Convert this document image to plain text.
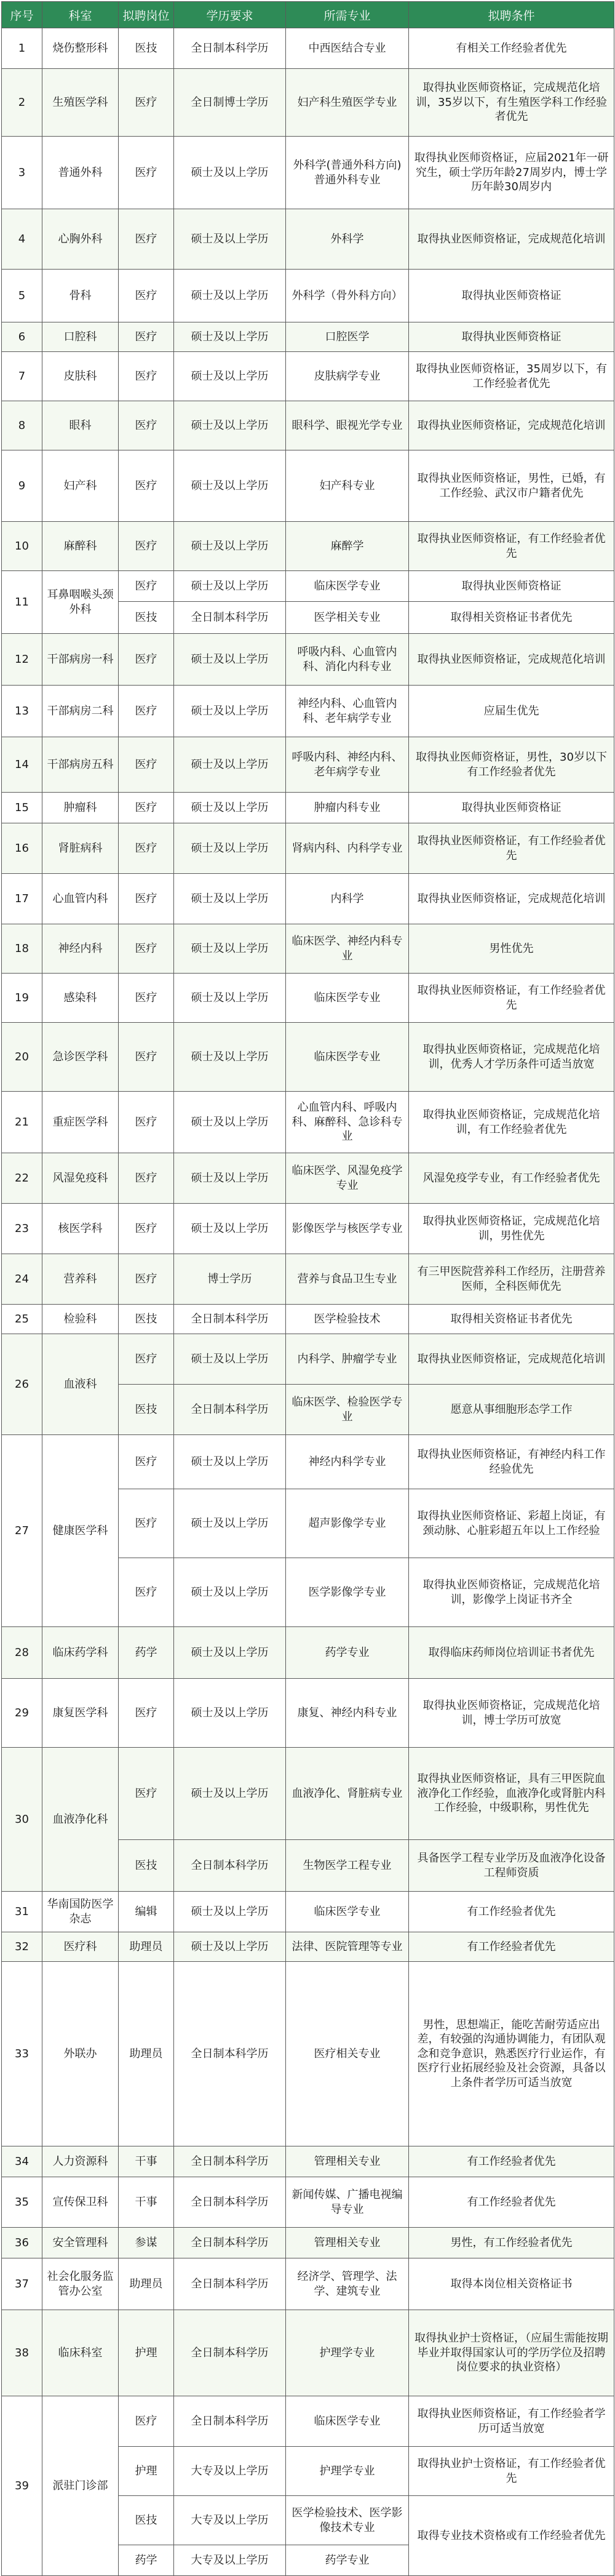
序号	科室	拟聘岗位	学历要求	所需专业	拟聘条件
1	烧伤整形科	医技	全日制本科学历	中西医结合专业	有相关工作经验者优先
2	生殖医学科	医疗	全日制博士学历	妇产科生殖医学专业	取得执业医师资格证，完成规范化培训，35岁以下，有生殖医学科工作经验者优先
3	普通外科	医疗	硕士及以上学历	外科学(普通外科方向)普通外科专业	取得执业医师资格证，应届2021年一研究生，硕士学历年龄27周岁内，博士学历年龄30周岁内
4	心胸外科	医疗	硕士及以上学历	外科学	取得执业医师资格证，完成规范化培训
5	骨科	医疗	硕士及以上学历	外科学（骨外科方向）	取得执业医师资格证
6	口腔科	医疗	硕士及以上学历	口腔医学	取得执业医师资格证
7	皮肤科	医疗	硕士及以上学历	皮肤病学专业	取得执业医师资格证，35周岁以下，有工作经验者优先
8	眼科	医疗	硕士及以上学历	眼科学、眼视光学专业	取得执业医师资格证，完成规范化培训
9	妇产科	医疗	硕士及以上学历	妇产科专业	取得执业医师资格证，男性，已婚，有工作经验、武汉市户籍者优先
10	麻醉科	医疗	硕士及以上学历	麻醉学	取得执业医师资格证，有工作经验者优先
11	耳鼻咽喉头颈外科	医疗	硕士及以上学历	临床医学专业	取得执业医师资格证
		医技	全日制本科学历	医学相关专业	取得相关资格证书者优先
12	干部病房一科	医疗	硕士及以上学历	呼吸内科、心血管内科、消化内科专业	取得执业医师资格证，完成规范化培训
13	干部病房二科	医疗	硕士及以上学历	神经内科、心血管内科、老年病学专业	应届生优先
14	干部病房五科	医疗	硕士及以上学历	呼吸内科、神经内科、老年病学专业	取得执业医师资格证，男性，30岁以下有工作经验者优先
15	肿瘤科	医疗	硕士及以上学历	肿瘤内科专业	取得执业医师资格证
16	肾脏病科	医疗	硕士及以上学历	肾病内科、内科学专业	取得执业医师资格证，有工作经验者优先
17	心血管内科	医疗	硕士及以上学历	内科学	取得执业医师资格证，完成规范化培训
18	神经内科	医疗	硕士及以上学历	临床医学、神经内科专业	男性优先
19	感染科	医疗	硕士及以上学历	临床医学专业	取得执业医师资格证，有工作经验者优先
20	急诊医学科	医疗	硕士及以上学历	临床医学专业	取得执业医师资格证，完成规范化培训，优秀人才学历条件可适当放宽
21	重症医学科	医疗	硕士及以上学历	心血管内科、呼吸内科、麻醉科、急诊科专业	取得执业医师资格证，完成规范化培训，有工作经验者优先
22	风湿免疫科	医疗	硕士及以上学历	临床医学、风湿免疫学专业	风湿免疫学专业，有工作经验者优先
23	核医学科	医疗	硕士及以上学历	影像医学与核医学专业	取得执业医师资格证，完成规范化培训，男性优先
24	营养科	医疗	博士学历	营养与食品卫生专业	有三甲医院营养科工作经历，注册营养医师，全科医师优先
25	检验科	医技	全日制本科学历	医学检验技术	取得相关资格证书者优先
26	血液科	医疗	硕士及以上学历	内科学、肿瘤学专业	取得执业医师资格证，完成规范化培训
		医技	全日制本科学历	临床医学、检验医学专业	愿意从事细胞形态学工作
27	健康医学科	医疗	硕士及以上学历	神经内科学专业	取得执业医师资格证，有神经内科工作经验优先
		医疗	硕士及以上学历	超声影像学专业	取得执业医师资格证、彩超上岗证，有颈动脉、心脏彩超五年以上工作经验
		医疗	硕士及以上学历	医学影像学专业	取得执业医师资格证，完成规范化培训，影像学上岗证书齐全
28	临床药学科	药学	硕士及以上学历	药学专业	取得临床药师岗位培训证书者优先
29	康复医学科	医疗	硕士及以上学历	康复、神经内科专业	取得执业医师资格证，完成规范化培训，博士学历可放宽
30	血液净化科	医疗	硕士及以上学历	血液净化、肾脏病专业	取得执业医师资格证，具有三甲医院血液净化工作经验，血液净化或肾脏内科工作经验，中级职称，男性优先
		医技	全日制本科学历	生物医学工程专业	具备医学工程专业学历及血液净化设备工程师资质
31	华南国防医学杂志	编辑	硕士及以上学历	临床医学专业	有工作经验者优先
32	医疗科	助理员	硕士及以上学历	法律、医院管理等专业	有工作经验者优先
33	外联办	助理员	全日制本科学历	医疗相关专业	男性，思想端正，能吃苦耐劳适应出差，有较强的沟通协调能力，有团队观念和竞争意识，熟悉医疗行业运作，有医疗行业拓展经验及社会资源，具备以上条件者学历可适当放宽
34	人力资源科	干事	全日制本科学历	管理相关专业	有工作经验者优先
35	宣传保卫科	干事	全日制本科学历	新闻传媒、广播电视编导专业	有工作经验者优先
36	安全管理科	参谋	全日制本科学历	管理相关专业	男性，有工作经验者优先
37	社会化服务监管办公室	助理员	全日制本科学历	经济学、管理学、法学、建筑专业	取得本岗位相关资格证书
38	临床科室	护理	全日制本科学历	护理学专业	取得执业护士资格证，（应届生需能按期毕业并取得国家认可的学历学位及招聘岗位要求的执业资格）
39	派驻门诊部	医疗	全日制本科学历	临床医学专业	取得执业医师资格证，有工作经验者学历可适当放宽
		护理	大专及以上学历	护理学专业	取得执业护士资格证，有工作经验者优先
		医技	大专及以上学历	医学检验技术、医学影像技术专业	取得专业技术资格或有工作经验者优先
		药学	大专及以上学历	药学专业	
